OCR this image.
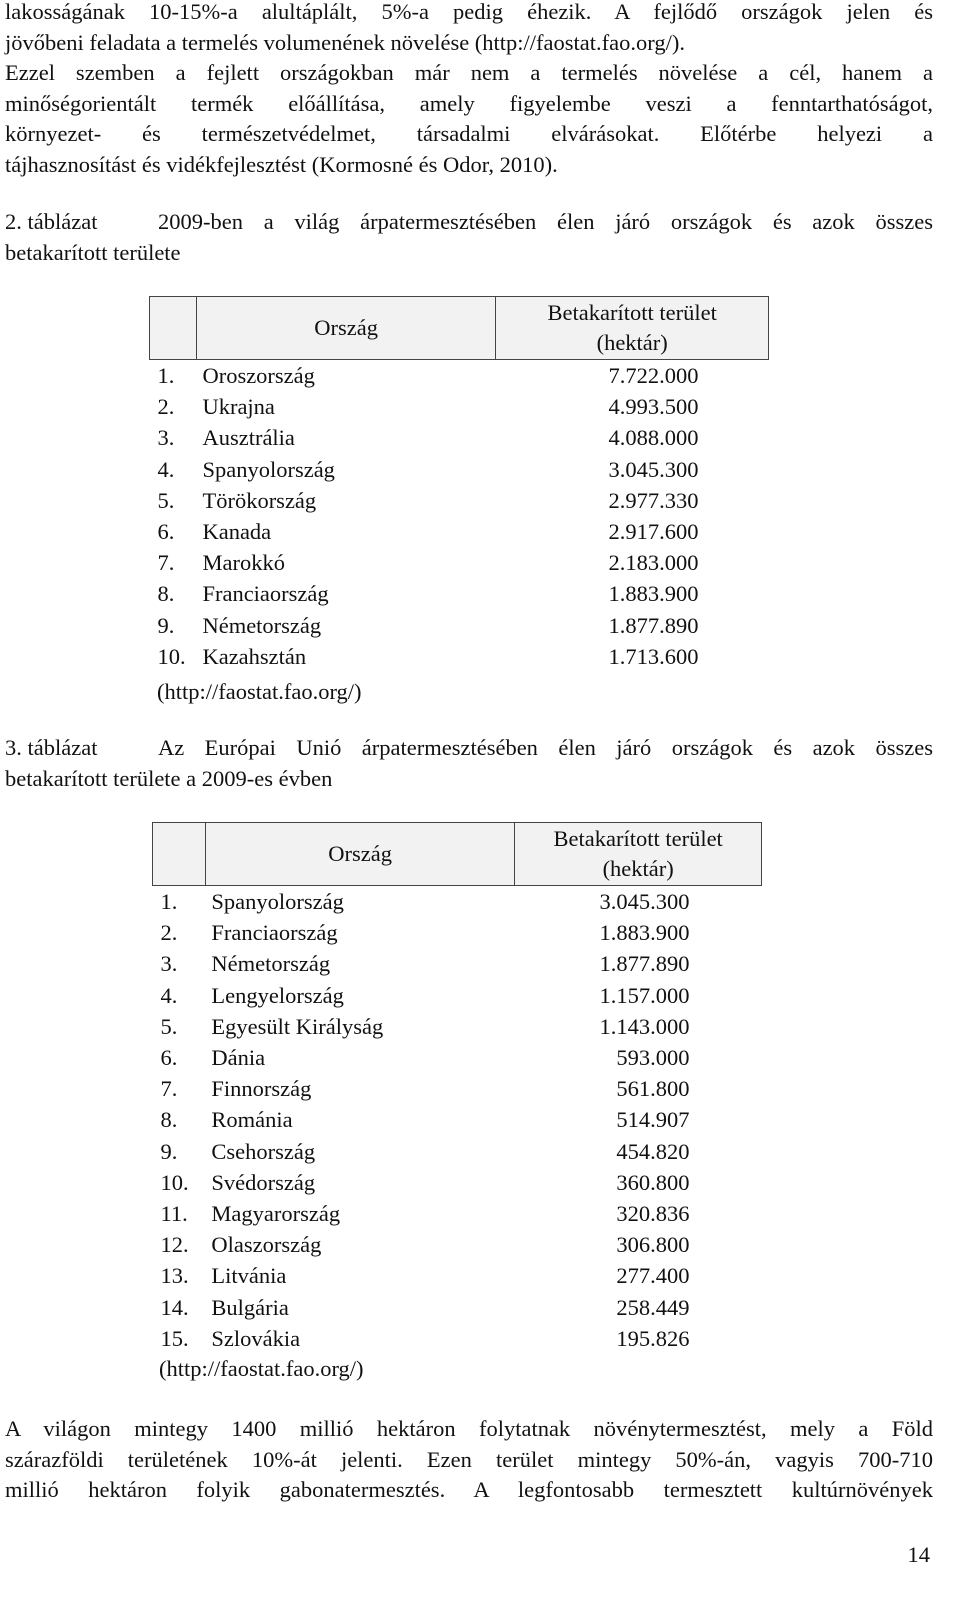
lakosságának 10-15%-a alultáplált, 5%-a pedig éhezik. A fejlődő országok jelen és
jövőbeni feladata a termelés volumenének növelése (http://faostat.fao.org/).
Ezzel szemben a fejlett országokban már nem a termelés növelése a cél, hanem a
minőségorientált termék előállítása, amely figyelembe veszi a fenntarthatóságot,
környezet- és természetvédelmet, társadalmi elvárásokat. Előtérbe helyezi a
tájhasznosítást és vidékfejlesztést (Kormosné és Odor, 2010).
2. táblázat	2009-ben a világ árpatermesztésében élen járó országok és azok összes
betakarított területe
	Ország	Betakarított terület
(hektár)

1.	Oroszország	7.722.000
2.	Ukrajna	4.993.500
3.	Ausztrália	4.088.000
4.	Spanyolország	3.045.300
5.	Törökország	2.977.330
6.	Kanada	2.917.600
7.	Marokkó	2.183.000
8.	Franciaország	1.883.900
9.	Németország	1.877.890
10.	Kazahsztán	1.713.600
(http://faostat.fao.org/)
3. táblázat	Az Európai Unió árpatermesztésében élen járó országok és azok összes
betakarított területe a 2009-es évben
	Ország	Betakarított terület
(hektár)

1.	Spanyolország	3.045.300
2.	Franciaország	1.883.900
3.	Németország	1.877.890
4.	Lengyelország	1.157.000
5.	Egyesült Királyság	1.143.000
6.	Dánia	593.000
7.	Finnország	561.800
8.	Románia	514.907
9.	Csehország	454.820
10.	Svédország	360.800
11.	Magyarország	320.836
12.	Olaszország	306.800
13.	Litvánia	277.400
14.	Bulgária	258.449
15.	Szlovákia	195.826
(http://faostat.fao.org/)
A világon mintegy 1400 millió hektáron folytatnak növénytermesztést, mely a Föld
szárazföldi területének 10%-át jelenti. Ezen terület mintegy 50%-án, vagyis 700-710
millió hektáron folyik gabonatermesztés. A legfontosabb termesztett kultúrnövények
14
